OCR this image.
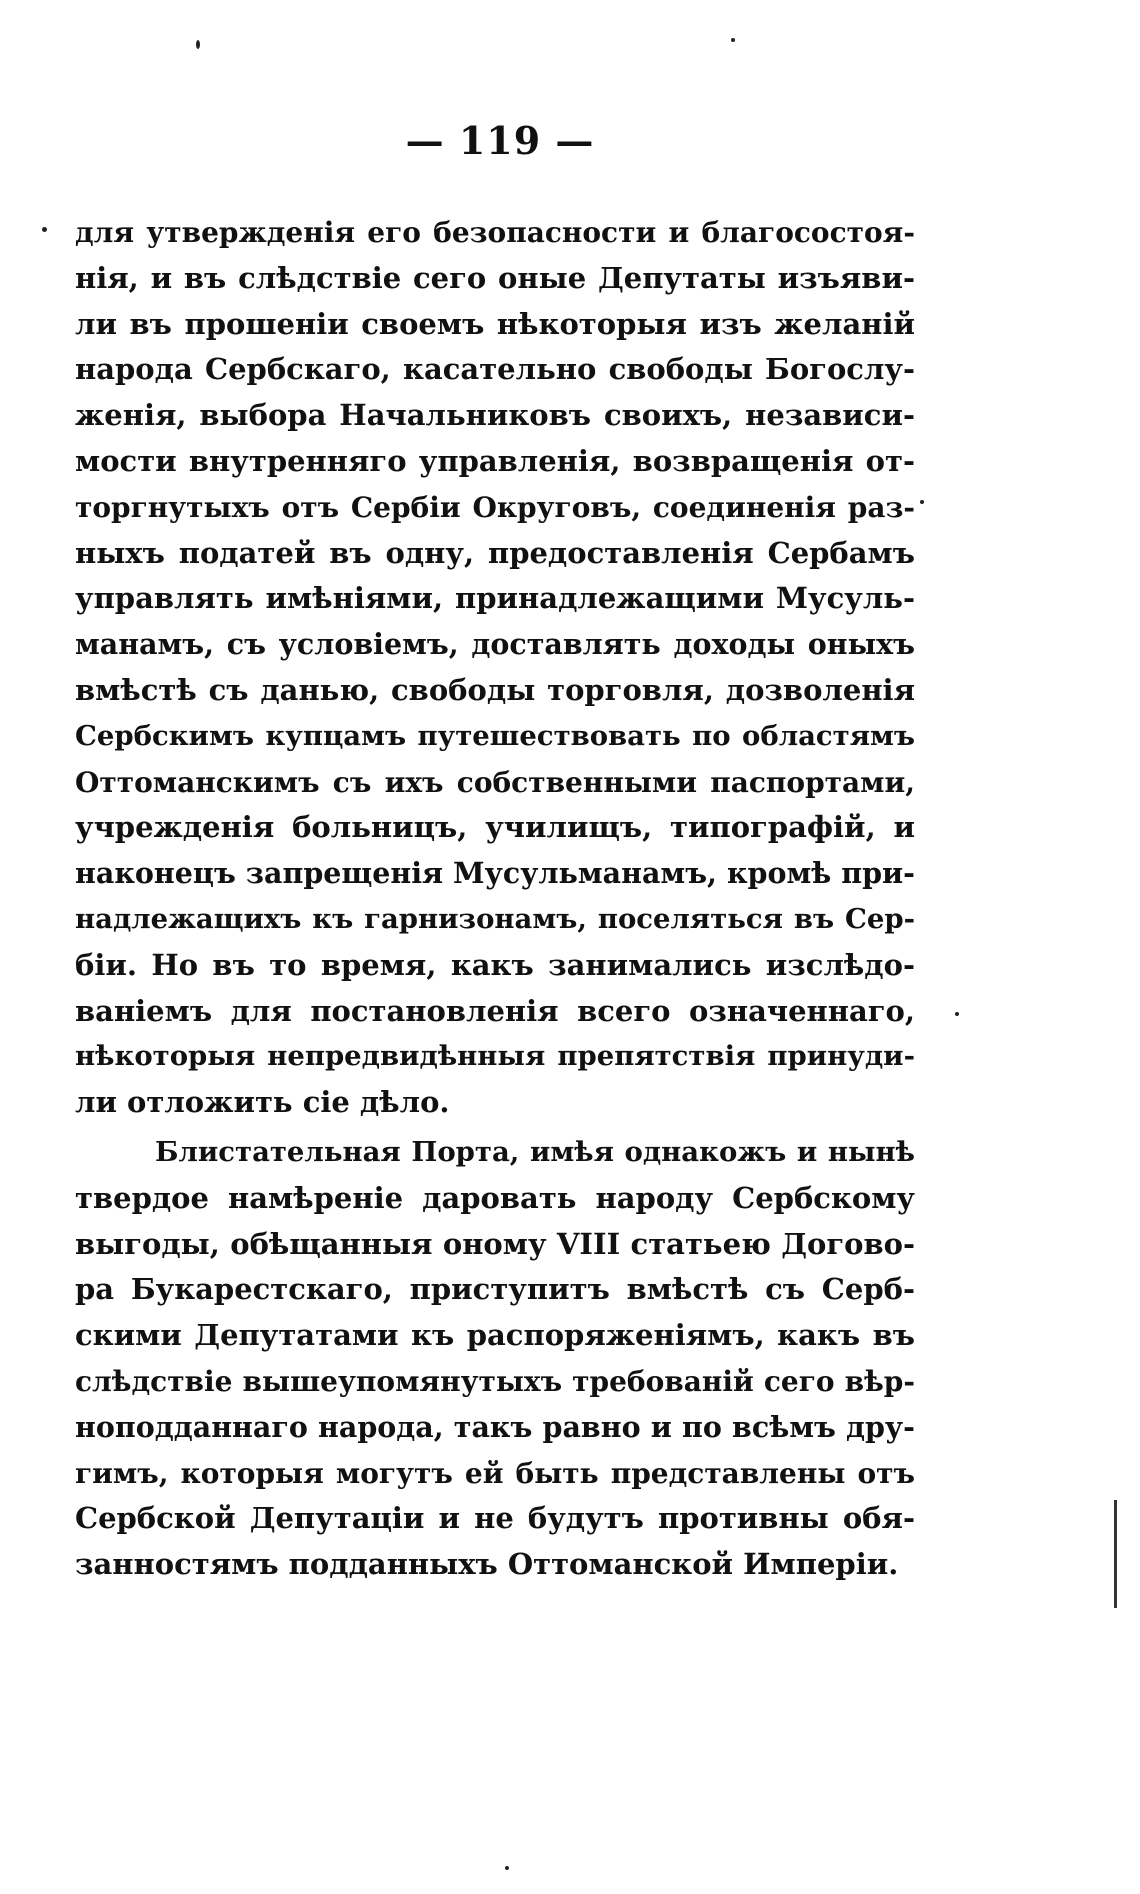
— 119 —
для утвержденія его безопасности и благосостоя-
нія, и въ слѣдствіе сего оные Депутаты изъяви-
ли въ прошеніи своемъ нѣкоторыя изъ желаній
народа Сербскаго, касательно свободы Богослу-
женія, выбора Начальниковъ своихъ, независи-
мости внутренняго управленія, возвращенія от-
торгнутыхъ отъ Сербіи Округовъ, соединенія раз-
ныхъ податей въ одну, предоставленія Сербамъ
управлять имѣніями, принадлежащими Мусуль-
манамъ, съ условіемъ, доставлять доходы оныхъ
вмѣстѣ съ данью, свободы торговля, дозволенія
Сербскимъ купцамъ путешествовать по областямъ
Оттоманскимъ съ ихъ собственными паспортами,
учрежденія больницъ, училищъ, типографій, и
наконецъ запрещенія Мусульманамъ, кромѣ при-
надлежащихъ къ гарнизонамъ, поселяться въ Сер-
біи. Но въ то время, какъ занимались изслѣдо-
ваніемъ для постановленія всего означеннаго,
нѣкоторыя непредвидѣнныя препятствія принуди-
ли отложить сіе дѣло.
Блистательная Порта, имѣя однакожъ и нынѣ
твердое намѣреніе даровать народу Сербскому
выгоды, обѣщанныя оному VIII статьею Догово-
ра Букарестскаго, приступитъ вмѣстѣ съ Серб-
скими Депутатами къ распоряженіямъ, какъ въ
слѣдствіе вышеупомянутыхъ требованій сего вѣр-
ноподданнаго народа, такъ равно и по всѣмъ дру-
гимъ, которыя могутъ ей быть представлены отъ
Сербской Депутаціи и не будутъ противны обя-
занностямъ подданныхъ Оттоманской Имперіи.
